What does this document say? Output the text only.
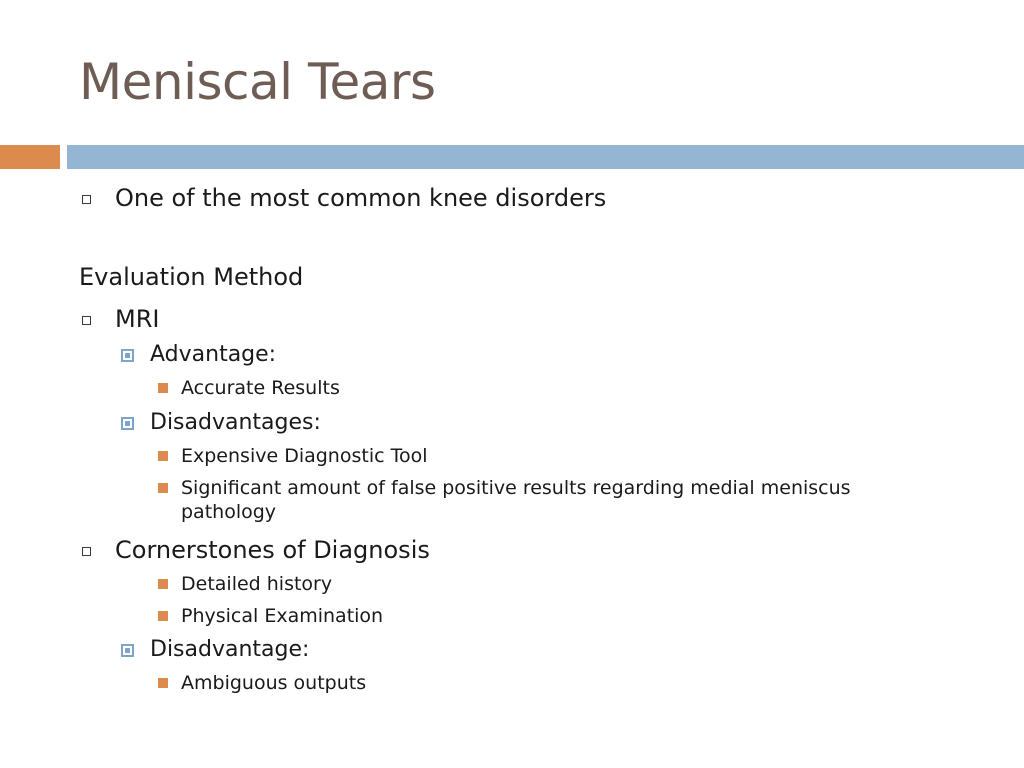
Meniscal Tears
One of the most common knee disorders
Evaluation Method
MRI
Advantage:
Accurate Results
Disadvantages:
Expensive Diagnostic Tool
Significant amount of false positive results regarding medial meniscus
pathology
Cornerstones of Diagnosis
Detailed history
Physical Examination
Disadvantage:
Ambiguous outputs
